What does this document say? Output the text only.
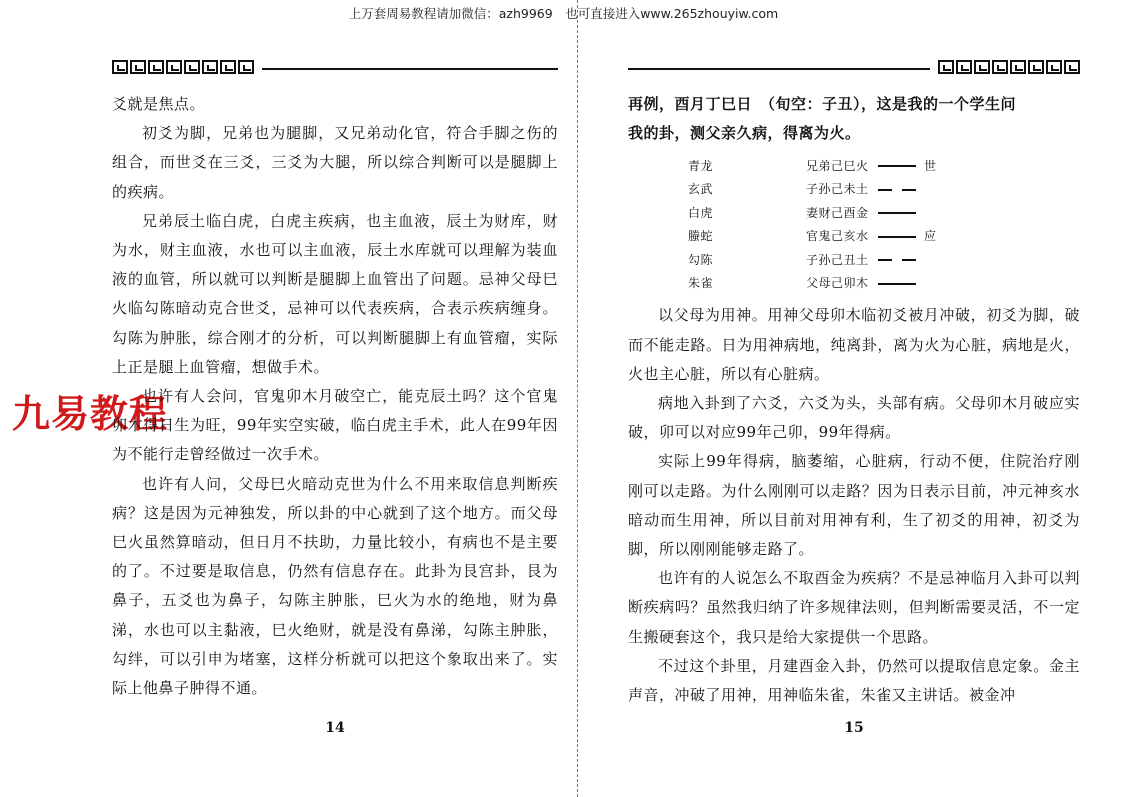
上万套周易教程请加微信：azh9969　也可直接进入www.265zhouyiw.com
九易教程

爻就是焦点。

初爻为脚，兄弟也为腿脚，又兄弟动化官，符合手脚之伤的组合，而世爻在三爻，三爻为大腿，所以综合判断可以是腿脚上的疾病。

兄弟辰土临白虎，白虎主疾病，也主血液，辰土为财库，财为水，财主血液，水也可以主血液，辰土水库就可以理解为装血液的血管，所以就可以判断是腿脚上血管出了问题。忌神父母巳火临勾陈暗动克合世爻，忌神可以代表疾病，合表示疾病缠身。勾陈为肿胀，综合刚才的分析，可以判断腿脚上有血管瘤，实际上正是腿上血管瘤，想做手术。

也许有人会问，官鬼卯木月破空亡，能克辰土吗？这个官鬼卯木得日生为旺，99年实空实破，临白虎主手术，此人在99年因为不能行走曾经做过一次手术。

也许有人问，父母巳火暗动克世为什么不用来取信息判断疾病？这是因为元神独发，所以卦的中心就到了这个地方。而父母巳火虽然算暗动，但日月不扶助，力量比较小，有病也不是主要的了。不过要是取信息，仍然有信息存在。此卦为艮宫卦，艮为鼻子，五爻也为鼻子，勾陈主肿胀，巳火为水的绝地，财为鼻涕，水也可以主黏液，巳火绝财，就是没有鼻涕，勾陈主肿胀，勾绊，可以引申为堵塞，这样分析就可以把这个象取出来了。实际上他鼻子肿得不通。

14

再例，酉月丁巳日　（旬空：子丑），这是我的一个学生问

我的卦，测父亲久病，得离为火。

青龙	兄弟己巳火	世
玄武	子孙己未土
白虎	妻财己酉金
螣蛇	官鬼己亥水	应
勾陈	子孙己丑土
朱雀	父母己卯木

以父母为用神。用神父母卯木临初爻被月冲破，初爻为脚，破而不能走路。日为用神病地，纯离卦，离为火为心脏，病地是火，火也主心脏，所以有心脏病。

病地入卦到了六爻，六爻为头，头部有病。父母卯木月破应实破，卯可以对应99年己卯，99年得病。

实际上99年得病，脑萎缩，心脏病，行动不便，住院治疗刚刚可以走路。为什么刚刚可以走路？因为日表示目前，冲元神亥水暗动而生用神，所以目前对用神有利，生了初爻的用神，初爻为脚，所以刚刚能够走路了。

也许有的人说怎么不取酉金为疾病？不是忌神临月入卦可以判断疾病吗？虽然我归纳了许多规律法则，但判断需要灵活，不一定生搬硬套这个，我只是给大家提供一个思路。

不过这个卦里，月建酉金入卦，仍然可以提取信息定象。金主声音，冲破了用神，用神临朱雀，朱雀又主讲话。被金冲

15
